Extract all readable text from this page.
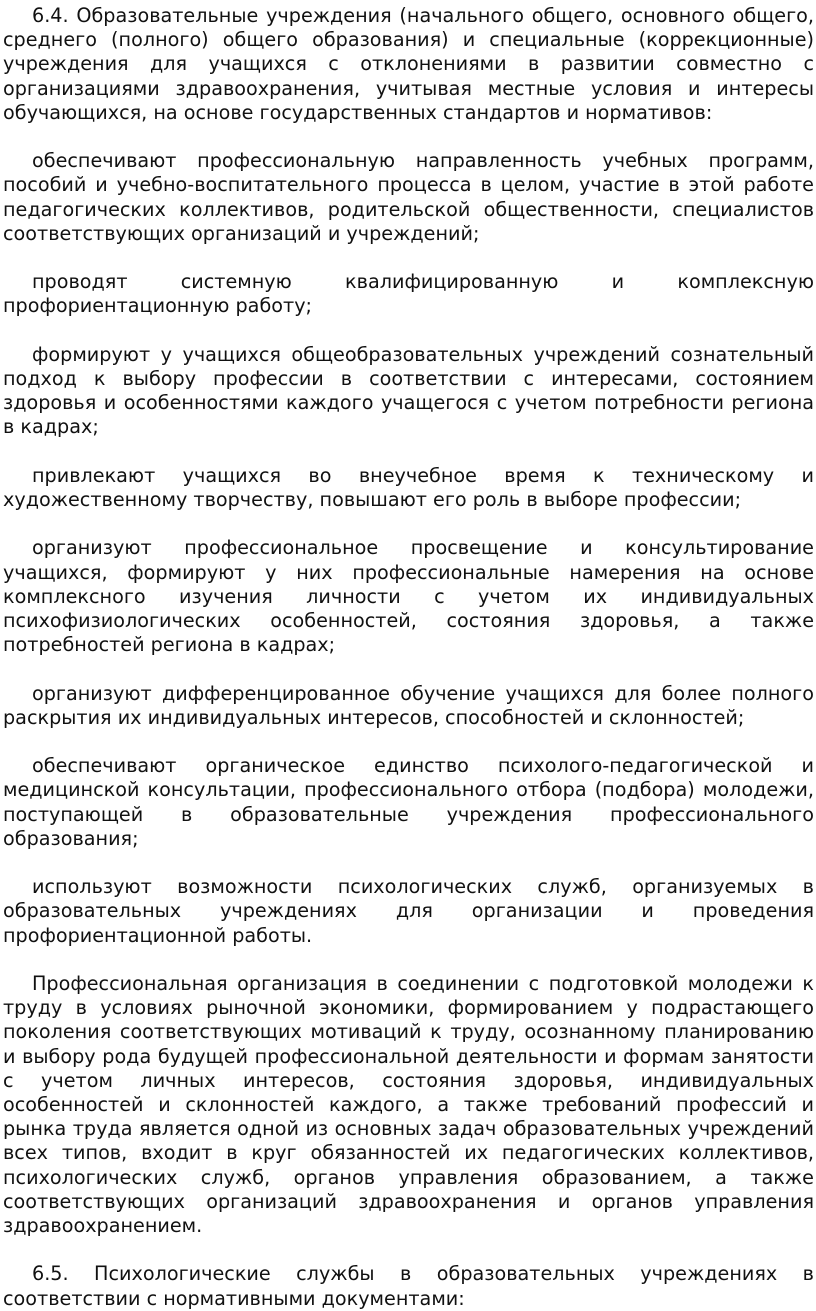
6.4. Образовательные учреждения (начального общего, основного общего, среднего (полного) общего образования) и специальные (коррекционные) учреждения для учащихся с отклонениями в развитии совместно с организациями здравоохранения, учитывая местные условия и интересы обучающихся, на основе государственных стандартов и нормативов:

обеспечивают профессиональную направленность учебных программ, пособий и учебно-воспитательного процесса в целом, участие в этой работе педагогических коллективов, родительской общественности, специалистов соответствующих организаций и учреждений;

проводят системную квалифицированную и комплексную профориентационную работу;

формируют у учащихся общеобразовательных учреждений сознательный подход к выбору профессии в соответствии с интересами, состоянием здоровья и особенностями каждого учащегося с учетом потребности региона в кадрах;

привлекают учащихся во внеучебное время к техническому и художественному творчеству, повышают его роль в выборе профессии;

организуют профессиональное просвещение и консультирование учащихся, формируют у них профессиональные намерения на основе комплексного изучения личности с учетом их индивидуальных психофизиологических особенностей, состояния здоровья, а также потребностей региона в кадрах;

организуют дифференцированное обучение учащихся для более полного раскрытия их индивидуальных интересов, способностей и склонностей;

обеспечивают органическое единство психолого-педагогической и медицинской консультации, профессионального отбора (подбора) молодежи, поступающей в образовательные учреждения профессионального образования;

используют возможности психологических служб, организуемых в образовательных учреждениях для организации и проведения профориентационной работы.

Профессиональная организация в соединении с подготовкой молодежи к труду в условиях рыночной экономики, формированием у подрастающего поколения соответствующих мотиваций к труду, осознанному планированию и выбору рода будущей профессиональной деятельности и формам занятости с учетом личных интересов, состояния здоровья, индивидуальных особенностей и склонностей каждого, а также требований профессий и рынка труда является одной из основных задач образовательных учреждений всех типов, входит в круг обязанностей их педагогических коллективов, психологических служб, органов управления образованием, а также соответствующих организаций здравоохранения и органов управления здравоохранением.

6.5. Психологические службы в образовательных учреждениях в соответствии с нормативными документами:
